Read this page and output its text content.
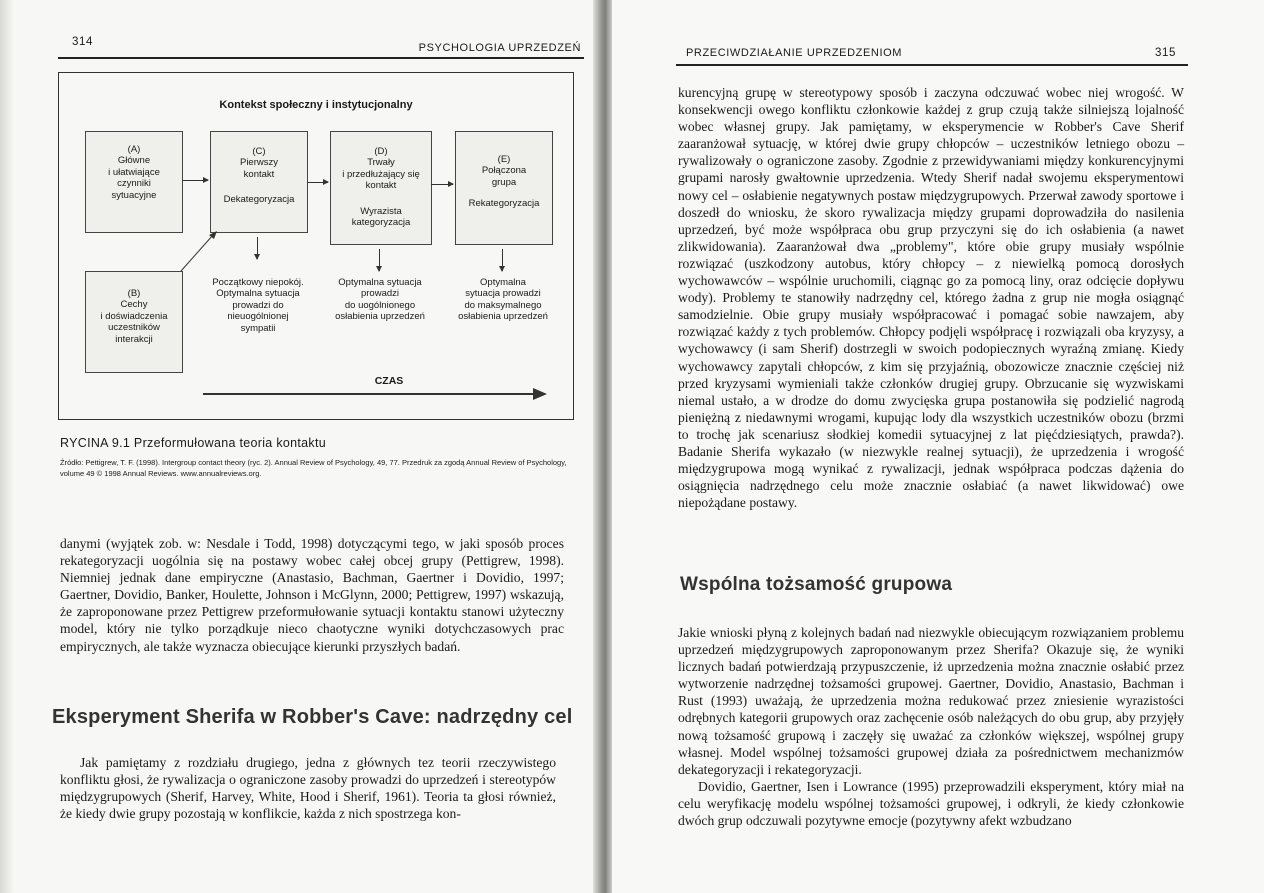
314	PSYCHOLOGIA UPRZEDZEŃ
Kontekst społeczny i instytucjonalny
(A)
Główne
i ułatwiające
czynniki
sytuacyjne
(B)
Cechy
i doświadczenia
uczestników
interakcji
(C)
Pierwszy
kontakt
Dekategoryzacja
(D)
Trwały
i przedłużający się
kontakt
Wyrazista
kategoryzacja
(E)
Połączona
grupa
Rekategoryzacja
Początkowy niepokój.
Optymalna sytuacja
prowadzi do
nieuogólnionej
sympatii
Optymalna sytuacja
prowadzi
do uogólnionego
osłabienia uprzedzeń
Optymalna
sytuacja prowadzi
do maksymalnego
osłabienia uprzedzeń
CZAS
RYCINA 9.1 Przeformułowana teoria kontaktu
Źródło: Pettigrew, T. F. (1998). Intergroup contact theory (ryc. 2). Annual Review of Psychology, 49, 77. Przedruk za zgodą Annual Review of Psychology, volume 49 © 1998 Annual Reviews. www.annualreviews.org.

danymi (wyjątek zob. w: Nesdale i Todd, 1998) dotyczącymi tego, w jaki sposób proces rekategoryzacji uogólnia się na postawy wobec całej obcej grupy (Pettigrew, 1998). Niemniej jednak dane empiryczne (Anastasio, Bachman, Gaertner i Dovidio, 1997; Gaertner, Dovidio, Banker, Houlette, Johnson i McGlynn, 2000; Pettigrew, 1997) wskazują, że zaproponowane przez Pettigrew przeformułowanie sytuacji kontaktu stanowi użyteczny model, który nie tylko porządkuje nieco chaotyczne wyniki dotychczasowych prac empirycznych, ale także wyznacza obiecujące kierunki przyszłych badań.

Eksperyment Sherifa w Robber's Cave: nadrzędny cel

Jak pamiętamy z rozdziału drugiego, jedna z głównych tez teorii rzeczywistego konfliktu głosi, że rywalizacja o ograniczone zasoby prowadzi do uprzedzeń i stereotypów międzygrupowych (Sherif, Harvey, White, Hood i Sherif, 1961). Teoria ta głosi również, że kiedy dwie grupy pozostają w konflikcie, każda z nich spostrzega kon-

PRZECIWDZIAŁANIE UPRZEDZENIOM	315

kurencyjną grupę w stereotypowy sposób i zaczyna odczuwać wobec niej wrogość. W konsekwencji owego konfliktu członkowie każdej z grup czują także silniejszą lojalność wobec własnej grupy. Jak pamiętamy, w eksperymencie w Robber's Cave Sherif zaaranżował sytuację, w której dwie grupy chłopców – uczestników letniego obozu – rywalizowały o ograniczone zasoby. Zgodnie z przewidywaniami między konkurencyjnymi grupami narosły gwałtownie uprzedzenia. Wtedy Sherif nadał swojemu eksperymentowi nowy cel – osłabienie negatywnych postaw międzygrupowych. Przerwał zawody sportowe i doszedł do wniosku, że skoro rywalizacja między grupami doprowadziła do nasilenia uprzedzeń, być może współpraca obu grup przyczyni się do ich osłabienia (a nawet zlikwidowania). Zaaranżował dwa „problemy", które obie grupy musiały wspólnie rozwiązać (uszkodzony autobus, który chłopcy – z niewielką pomocą dorosłych wychowawców – wspólnie uruchomili, ciągnąc go za pomocą liny, oraz odcięcie dopływu wody). Problemy te stanowiły nadrzędny cel, którego żadna z grup nie mogła osiągnąć samodzielnie. Obie grupy musiały współpracować i pomagać sobie nawzajem, aby rozwiązać każdy z tych problemów. Chłopcy podjęli współpracę i rozwiązali oba kryzysy, a wychowawcy (i sam Sherif) dostrzegli w swoich podopiecznych wyraźną zmianę. Kiedy wychowawcy zapytali chłopców, z kim się przyjaźnią, obozowicze znacznie częściej niż przed kryzysami wymieniali także członków drugiej grupy. Obrzucanie się wyzwiskami niemal ustało, a w drodze do domu zwycięska grupa postanowiła się podzielić nagrodą pieniężną z niedawnymi wrogami, kupując lody dla wszystkich uczestników obozu (brzmi to trochę jak scenariusz słodkiej komedii sytuacyjnej z lat pięćdziesiątych, prawda?). Badanie Sherifa wykazało (w niezwykle realnej sytuacji), że uprzedzenia i wrogość międzygrupowa mogą wynikać z rywalizacji, jednak współpraca podczas dążenia do osiągnięcia nadrzędnego celu może znacznie osłabiać (a nawet likwidować) owe niepożądane postawy.

Wspólna tożsamość grupowa

Jakie wnioski płyną z kolejnych badań nad niezwykle obiecującym rozwiązaniem problemu uprzedzeń międzygrupowych zaproponowanym przez Sherifa? Okazuje się, że wyniki licznych badań potwierdzają przypuszczenie, iż uprzedzenia można znacznie osłabić przez wytworzenie nadrzędnej tożsamości grupowej. Gaertner, Dovidio, Anastasio, Bachman i Rust (1993) uważają, że uprzedzenia można redukować przez zniesienie wyrazistości odrębnych kategorii grupowych oraz zachęcenie osób należących do obu grup, aby przyjęły nową tożsamość grupową i zaczęły się uważać za członków większej, wspólnej grupy własnej. Model wspólnej tożsamości grupowej działa za pośrednictwem mechanizmów dekategoryzacji i rekategoryzacji.

Dovidio, Gaertner, Isen i Lowrance (1995) przeprowadzili eksperyment, który miał na celu weryfikację modelu wspólnej tożsamości grupowej, i odkryli, że kiedy członkowie dwóch grup odczuwali pozytywne emocje (pozytywny afekt wzbudzano
